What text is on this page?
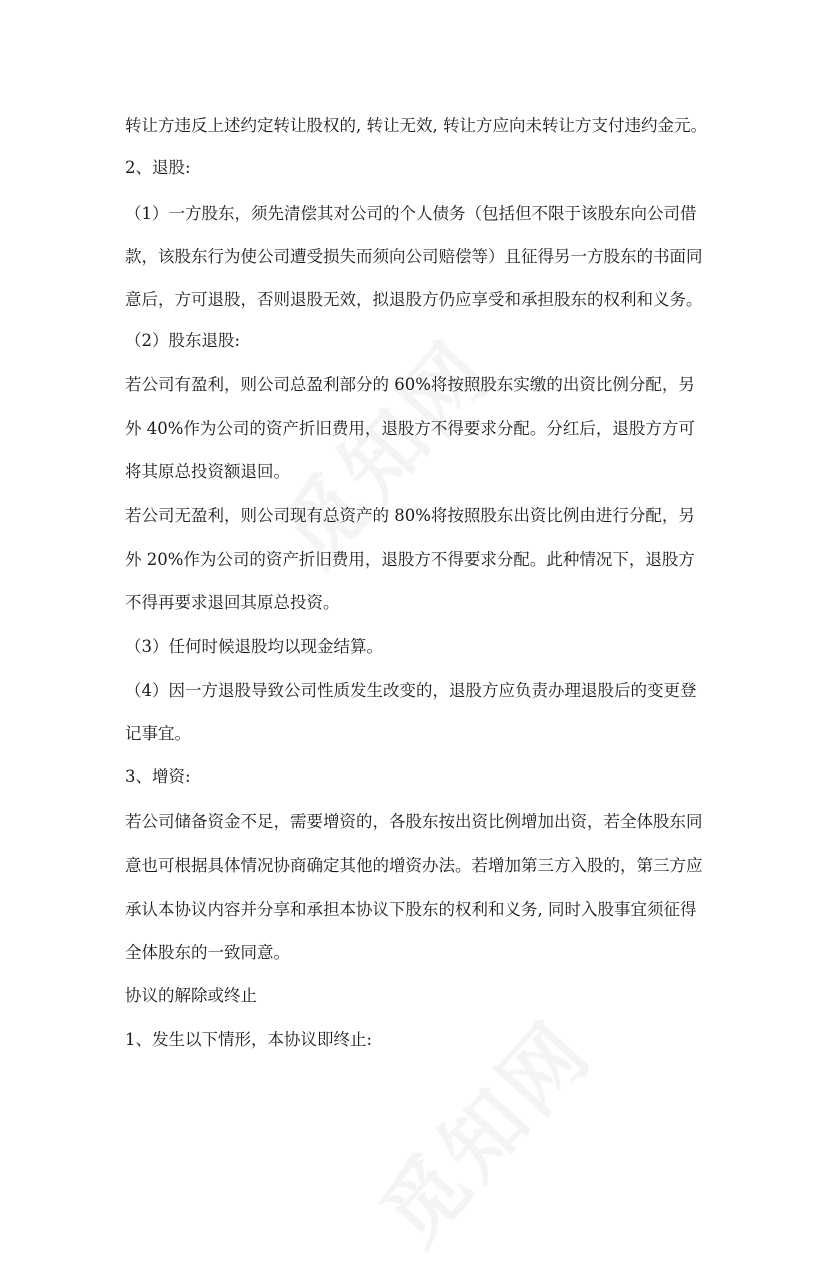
转让方违反上述约定转让股权的, 转让无效, 转让方应向未转让方支付违约金元。
2、退股:
（1）一方股东，须先清偿其对公司的个人债务（包括但不限于该股东向公司借
款，该股东行为使公司遭受损失而须向公司赔偿等）且征得另一方股东的书面同
意后，方可退股，否则退股无效，拟退股方仍应享受和承担股东的权利和义务。
（2）股东退股:
若公司有盈利，则公司总盈利部分的 60%将按照股东实缴的出资比例分配，另
外 40%作为公司的资产折旧费用，退股方不得要求分配。分红后，退股方方可
将其原总投资额退回。
若公司无盈利，则公司现有总资产的 80%将按照股东出资比例由进行分配，另
外 20%作为公司的资产折旧费用，退股方不得要求分配。此种情况下，退股方
不得再要求退回其原总投资。
（3）任何时候退股均以现金结算。
（4）因一方退股导致公司性质发生改变的，退股方应负责办理退股后的变更登
记事宜。
3、增资:
若公司储备资金不足，需要增资的，各股东按出资比例增加出资，若全体股东同
意也可根据具体情况协商确定其他的增资办法。若增加第三方入股的，第三方应
承认本协议内容并分享和承担本协议下股东的权利和义务, 同时入股事宜须征得
全体股东的一致同意。
协议的解除或终止
1、发生以下情形，本协议即终止:
